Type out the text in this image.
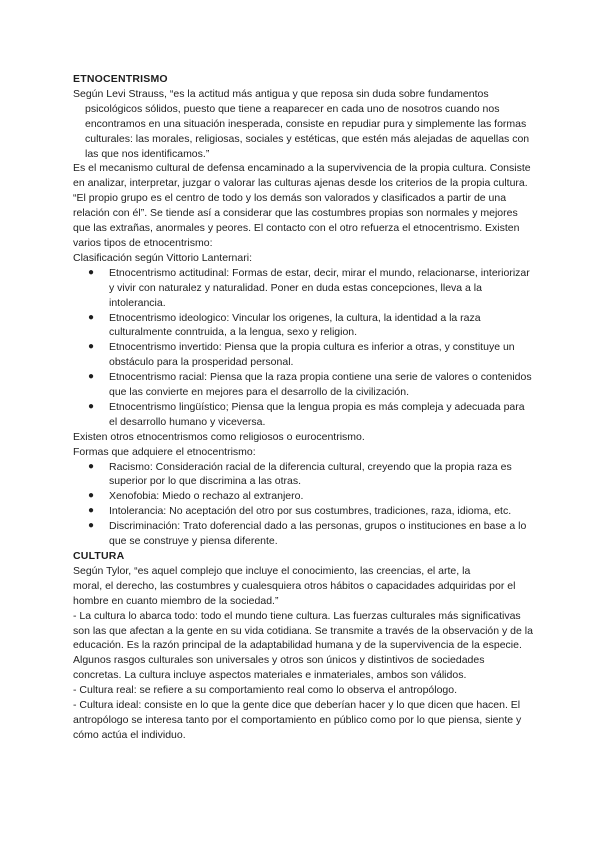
ETNOCENTRISMO
Según Levi Strauss, “es la actitud más antigua y que reposa sin duda sobre fundamentos
psicológicos sólidos, puesto que tiene a reaparecer en cada uno de nosotros cuando nos encontramos en una situación inesperada, consiste en repudiar pura y simplemente las formas culturales: las morales, religiosas, sociales y estéticas, que estén más alejadas de aquellas con las que nos identificamos.”
Es el mecanismo cultural de defensa encaminado a la supervivencia de la propia cultura. Consiste en analizar, interpretar, juzgar o valorar las culturas ajenas desde los criterios de la propia cultura. “El propio grupo es el centro de todo y los demás son valorados y clasificados a partir de una relación con él”. Se tiende así a considerar que las costumbres propias son normales y mejores que las extrañas, anormales y peores. El contacto con el otro refuerza el etnocentrismo. Existen varios tipos de etnocentrismo:
Clasificación según Vittorio Lanternari:
● Etnocentrismo actitudinal: Formas de estar, decir, mirar el mundo, relacionarse, interiorizar y vivir con naturalez y naturalidad. Poner en duda estas concepciones, lleva a la intolerancia.
● Etnocentrismo ideologico: Vincular los origenes, la cultura, la identidad a la raza culturalmente conntruida, a la lengua, sexo y religion.
● Etnocentrismo invertido: Piensa que la propia cultura es inferior a otras, y constituye un obstáculo para la prosperidad personal.
● Etnocentrismo racial: Piensa que la raza propia contiene una serie de valores o contenidos que las convierte en mejores para el desarrollo de la civilización.
● Etnocentrismo lingüístico; Piensa que la lengua propia es más compleja y adecuada para el desarrollo humano y viceversa.
Existen otros etnocentrismos como religiosos o eurocentrismo.
Formas que adquiere el etnocentrismo:
● Racismo: Consideración racial de la diferencia cultural, creyendo que la propia raza es superior por lo que discrimina a las otras.
● Xenofobia: Miedo o rechazo al extranjero.
● Intolerancia: No aceptación del otro por sus costumbres, tradiciones, raza, idioma, etc.
● Discriminación: Trato doferencial dado a las personas, grupos o instituciones en base a lo que se construye y piensa diferente.
CULTURA
Según Tylor, “es aquel complejo que incluye el conocimiento, las creencias, el arte, la
moral, el derecho, las costumbres y cualesquiera otros hábitos o capacidades adquiridas por el hombre en cuanto miembro de la sociedad.”
- La cultura lo abarca todo: todo el mundo tiene cultura. Las fuerzas culturales más significativas son las que afectan a la gente en su vida cotidiana. Se transmite a través de la observación y de la educación. Es la razón principal de la adaptabilidad humana y de la supervivencia de la especie. Algunos rasgos culturales son universales y otros son únicos y distintivos de sociedades concretas. La cultura incluye aspectos materiales e inmateriales, ambos son válidos.
- Cultura real: se refiere a su comportamiento real como lo observa el antropólogo.
- Cultura ideal: consiste en lo que la gente dice que deberían hacer y lo que dicen que hacen. El antropólogo se interesa tanto por el comportamiento en público como por lo que piensa, siente y cómo actúa el individuo.
